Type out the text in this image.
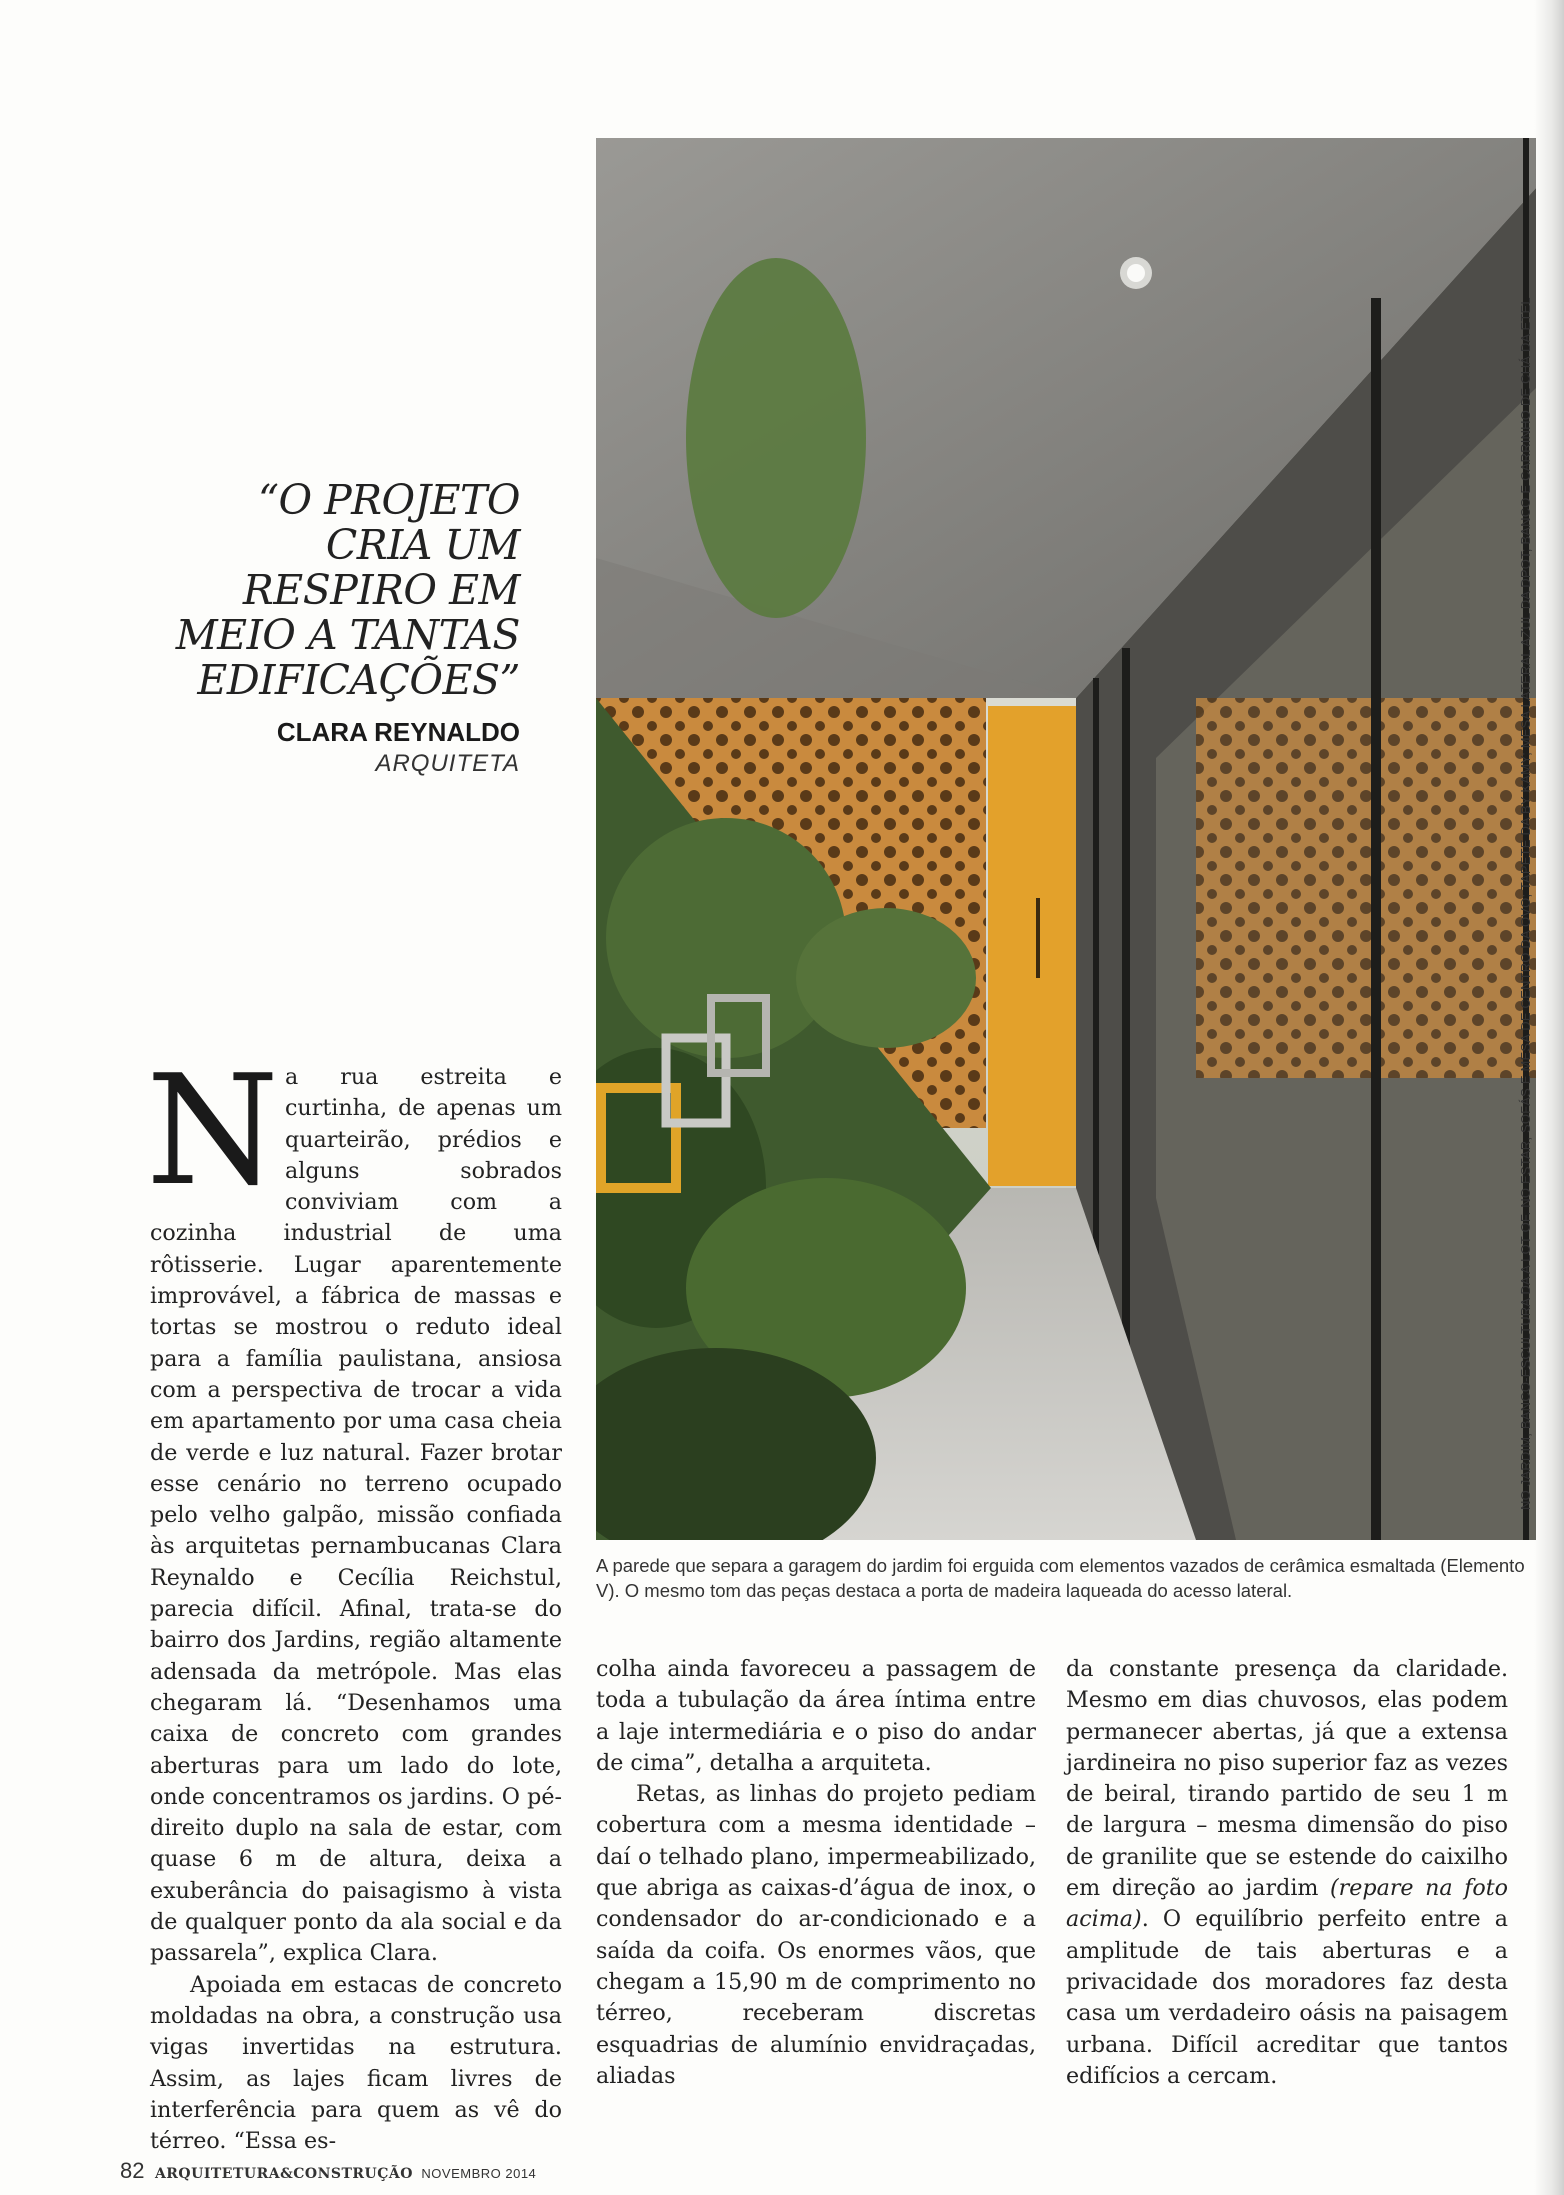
“O PROJETO
CRIA UM
RESPIRO EM
MEIO A TANTAS
EDIFICAÇÕES”
CLARA REYNALDO
ARQUITETA	NO JARDIM, BANCO-ESCULTURA DA A LOT OF. NO ESTAR, SOFÁS E MESA DE CENTRO DA OVO; TAPETE DA BY KAMY; MESA LATERAL AZUL DA DPOT; BANCO E CARRINHO DE CHÁ DA ETEL
A parede que separa a garagem do jardim foi erguida com elementos vazados de cerâmica esmaltada (Elemento V). O mesmo tom das peças destaca a porta de madeira laqueada do acesso lateral.

Na rua estreita e curtinha, de apenas um quarteirão, prédios e alguns sobrados conviviam com a cozinha industrial de uma rôtisserie. Lugar aparentemente improvável, a fábrica de massas e tortas se mostrou o reduto ideal para a família paulistana, ansiosa com a perspectiva de trocar a vida em apartamento por uma casa cheia de verde e luz natural. Fazer brotar esse cenário no terreno ocupado pelo velho galpão, missão confiada às arquitetas pernambucanas Clara Reynaldo e Cecília Reichstul, parecia difícil. Afinal, trata-se do bairro dos Jardins, região altamente adensada da metrópole. Mas elas chegaram lá. “Desenhamos uma caixa de concreto com grandes aberturas para um lado do lote, onde concentramos os jardins. O pé-direito duplo na sala de estar, com quase 6 m de altura, deixa a exuberância do paisagismo à vista de qualquer ponto da ala social e da passarela”, explica Clara.

Apoiada em estacas de concreto moldadas na obra, a construção usa vigas invertidas na estrutura. Assim, as lajes ficam livres de interferência para quem as vê do térreo. “Essa es-

colha ainda favoreceu a passagem de toda a tubulação da área íntima entre a laje intermediária e o piso do andar de cima”, detalha a arquiteta.

Retas, as linhas do projeto pediam cobertura com a mesma identidade – daí o telhado plano, impermeabilizado, que abriga as caixas-d’água de inox, o condensador do ar-condicionado e a saída da coifa. Os enormes vãos, que chegam a 15,90 m de comprimento no térreo, receberam discretas esquadrias de alumínio envidraçadas, aliadas

da constante presença da claridade. Mesmo em dias chuvosos, elas podem permanecer abertas, já que a extensa jardineira no piso superior faz as vezes de beiral, tirando partido de seu 1 m de largura – mesma dimensão do piso de granilite que se estende do caixilho em direção ao jardim (repare na foto acima). O equilíbrio perfeito entre a amplitude de tais aberturas e a privacidade dos moradores faz desta casa um verdadeiro oásis na paisagem urbana. Difícil acreditar que tantos edifícios a cercam.

82 ARQUITETURA&CONSTRUÇÃO NOVEMBRO 2014
